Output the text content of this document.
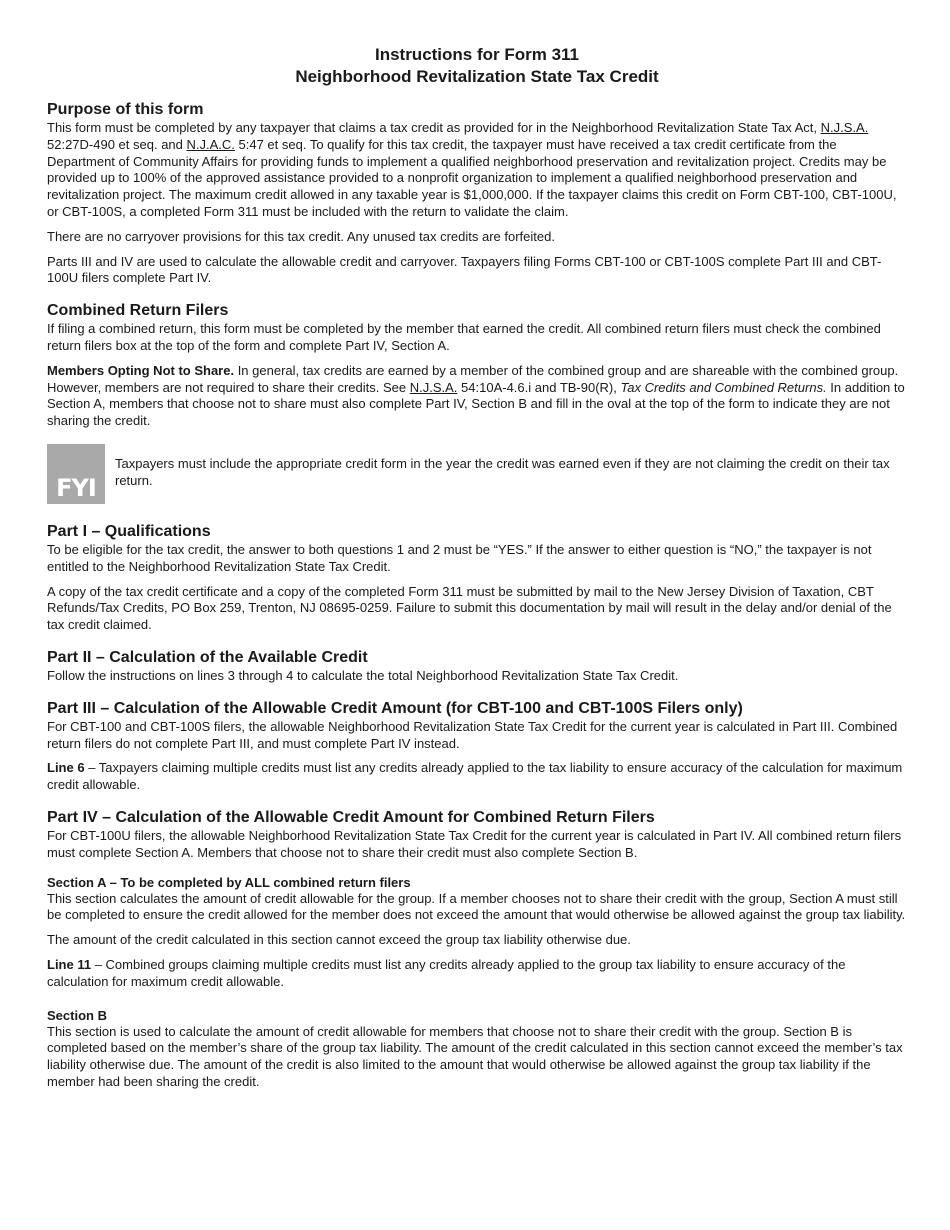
Instructions for Form 311

Neighborhood Revitalization State Tax Credit

Purpose of this form

This form must be completed by any taxpayer that claims a tax credit as provided for in the Neighborhood Revitalization State Tax Act, N.J.S.A. 52:27D-490 et seq. and N.J.A.C. 5:47 et seq. To qualify for this tax credit, the taxpayer must have received a tax credit certificate from the Department of Community Affairs for providing funds to implement a qualified neighborhood preservation and revitalization project. Credits may be provided up to 100% of the approved assistance provided to a nonprofit organization to implement a qualified neighborhood preservation and revitalization project. The maximum credit allowed in any taxable year is $1,000,000. If the taxpayer claims this credit on Form CBT-100, CBT-100U, or CBT-100S, a completed Form 311 must be included with the return to validate the claim.

There are no carryover provisions for this tax credit. Any unused tax credits are forfeited.

Parts III and IV are used to calculate the allowable credit and carryover. Taxpayers filing Forms CBT-100 or CBT-100S complete Part III and CBT-100U filers complete Part IV.

Combined Return Filers

If filing a combined return, this form must be completed by the member that earned the credit. All combined return filers must check the combined return filers box at the top of the form and complete Part IV, Section A.

Members Opting Not to Share. In general, tax credits are earned by a member of the combined group and are shareable with the combined group. However, members are not required to share their credits. See N.J.S.A. 54:10A-4.6.i and TB-90(R), Tax Credits and Combined Returns. In addition to Section A, members that choose not to share must also complete Part IV, Section B and fill in the oval at the top of the form to indicate they are not sharing the credit.

FYI
Taxpayers must include the appropriate credit form in the year the credit was earned even if they are not claiming the credit on their tax return.
Part I – Qualifications

To be eligible for the tax credit, the answer to both questions 1 and 2 must be “YES.” If the answer to either question is “NO,” the taxpayer is not entitled to the Neighborhood Revitalization State Tax Credit.

A copy of the tax credit certificate and a copy of the completed Form 311 must be submitted by mail to the New Jersey Division of Taxation, CBT Refunds/Tax Credits, PO Box 259, Trenton, NJ 08695-0259. Failure to submit this documentation by mail will result in the delay and/or denial of the tax credit claimed.

Part II – Calculation of the Available Credit

Follow the instructions on lines 3 through 4 to calculate the total Neighborhood Revitalization State Tax Credit.

Part III – Calculation of the Allowable Credit Amount (for CBT-100 and CBT-100S Filers only)

For CBT-100 and CBT-100S filers, the allowable Neighborhood Revitalization State Tax Credit for the current year is calculated in Part III. Combined return filers do not complete Part III, and must complete Part IV instead.

Line 6 – Taxpayers claiming multiple credits must list any credits already applied to the tax liability to ensure accuracy of the calculation for maximum credit allowable.

Part IV – Calculation of the Allowable Credit Amount for Combined Return Filers

For CBT-100U filers, the allowable Neighborhood Revitalization State Tax Credit for the current year is calculated in Part IV. All combined return filers must complete Section A. Members that choose not to share their credit must also complete Section B.

Section A – To be completed by ALL combined return filers

This section calculates the amount of credit allowable for the group. If a member chooses not to share their credit with the group, Section A must still be completed to ensure the credit allowed for the member does not exceed the amount that would otherwise be allowed against the group tax liability.

The amount of the credit calculated in this section cannot exceed the group tax liability otherwise due.

Line 11 – Combined groups claiming multiple credits must list any credits already applied to the group tax liability to ensure accuracy of the calculation for maximum credit allowable.

Section B

This section is used to calculate the amount of credit allowable for members that choose not to share their credit with the group. Section B is completed based on the member’s share of the group tax liability. The amount of the credit calculated in this section cannot exceed the member’s tax liability otherwise due. The amount of the credit is also limited to the amount that would otherwise be allowed against the group tax liability if the member had been sharing the credit.
